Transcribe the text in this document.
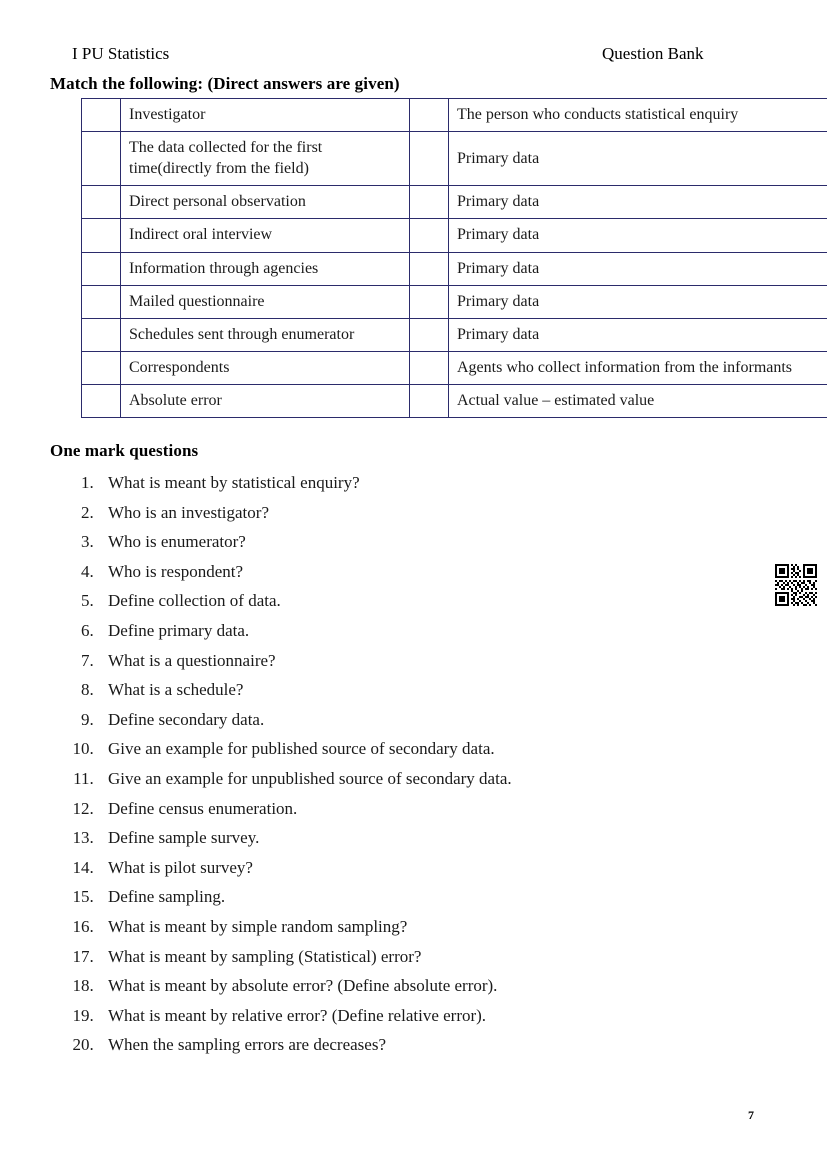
I PU Statistics	Question Bank
Match the following: (Direct answers are given)
	Investigator		The person who conducts statistical enquiry
	The data collected for the first time(directly from the field)		Primary data
	Direct personal observation		Primary data
	Indirect oral interview		Primary data
	Information through agencies		Primary data
	Mailed questionnaire		Primary data
	Schedules sent through enumerator		Primary data
	Correspondents		Agents who collect information from the informants
	Absolute error		Actual value – estimated value
One mark questions
1. What is meant by statistical enquiry?
2. Who is an investigator?
3. Who is enumerator?
4. Who is respondent?
5. Define collection of data.
6. Define primary data.
7. What is a questionnaire?
8. What is a schedule?
9. Define secondary data.
10. Give an example for published source of secondary data.
11. Give an example for unpublished source of secondary data.
12. Define census enumeration.
13. Define sample survey.
14. What is pilot survey?
15. Define sampling.
16. What is meant by simple random sampling?
17. What is meant by sampling (Statistical) error?
18. What is meant by absolute error? (Define absolute error).
19. What is meant by relative error? (Define relative error).
20. When the sampling errors are decreases?
7
